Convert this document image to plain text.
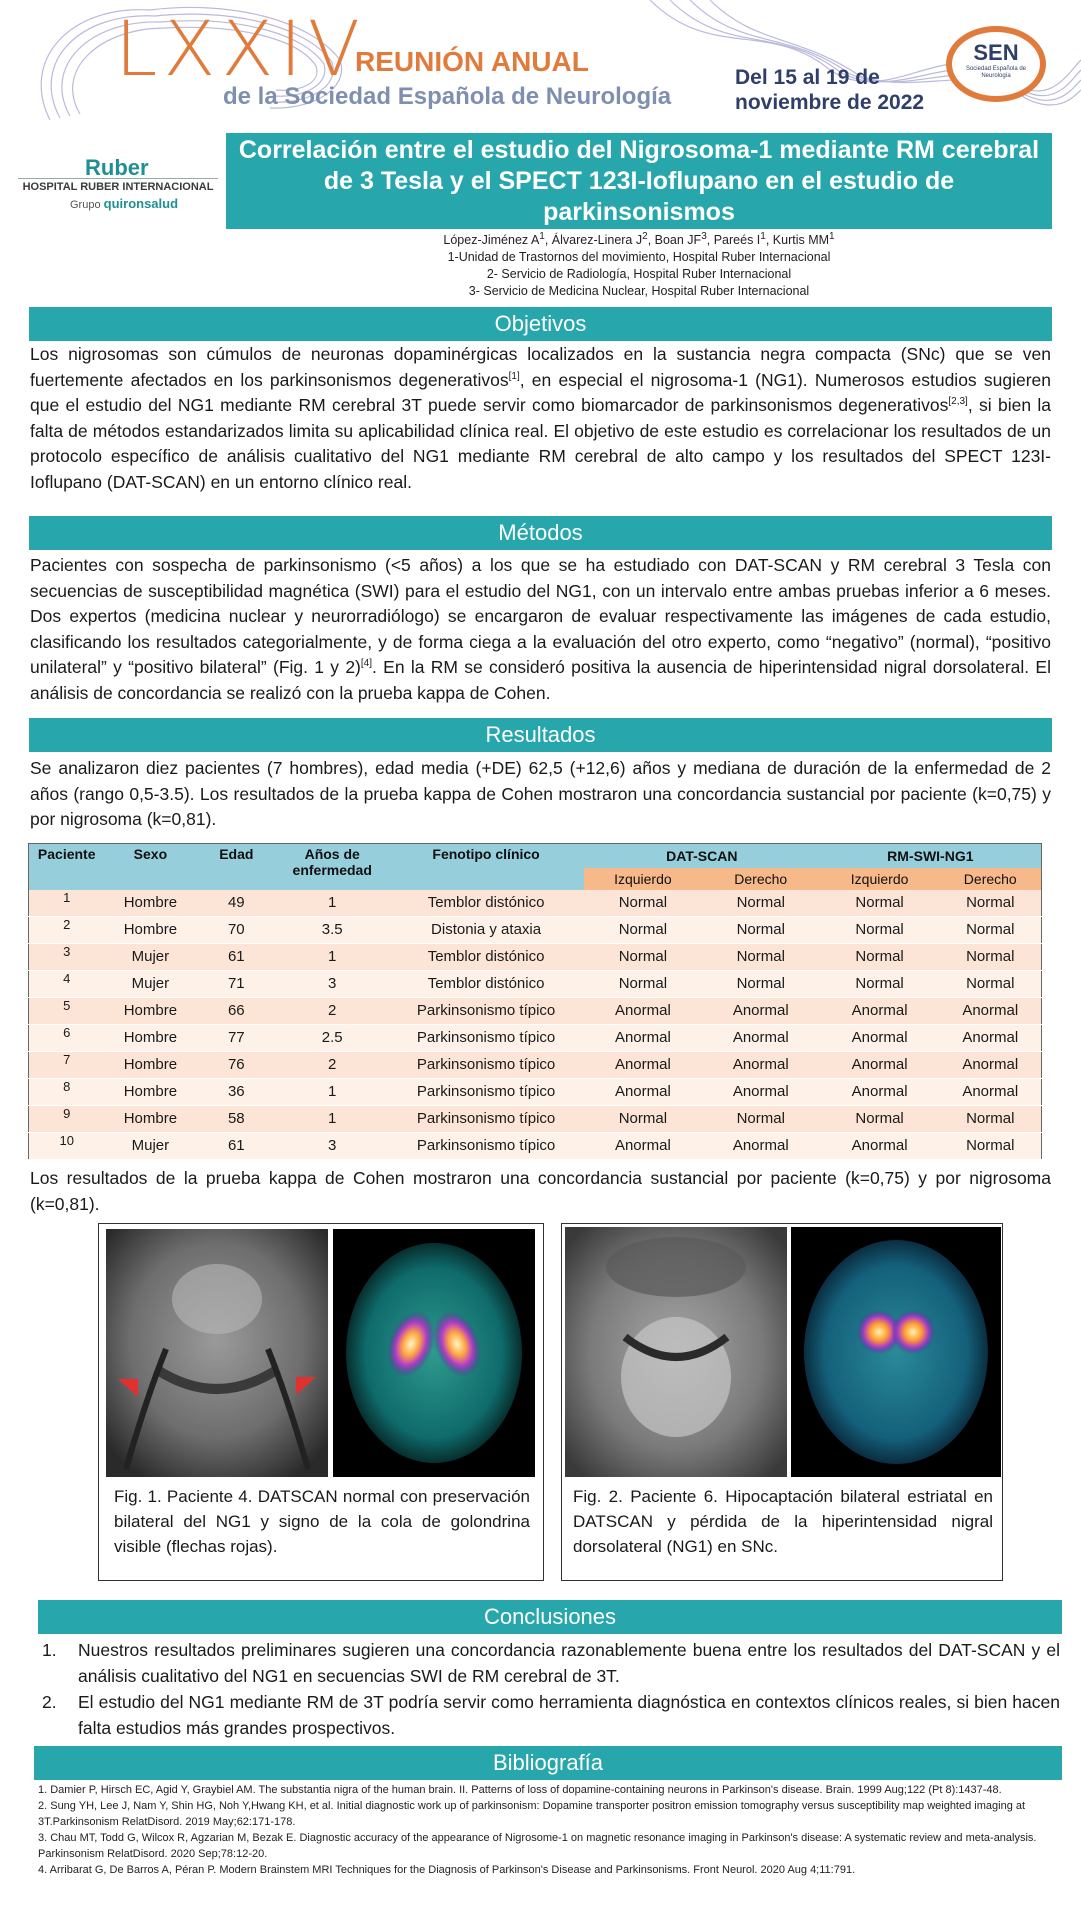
LXXIV
REUNIÓN ANUAL
de la Sociedad Española de Neurología
Del 15 al 19 de
noviembre de 2022
SEN
Sociedad Española de Neurología
Ruber
HOSPITAL RUBER INTERNACIONAL
Grupo quironsalud
Correlación entre el estudio del Nigrosoma-1 mediante RM cerebral de 3 Tesla y el SPECT 123I-Ioflupano en el estudio de parkinsonismos
López-Jiménez $A^1$, Álvarez-Linera $J^2$, Boan $JF^3$, Pareés $I^1$, Kurtis $MM^1$
1-Unidad de Trastornos del movimiento, Hospital Ruber Internacional
2- Servicio de Radiología, Hospital Ruber Internacional
3- Servicio de Medicina Nuclear, Hospital Ruber Internacional
Objetivos
Los nigrosomas son cúmulos de neuronas dopaminérgicas localizados en la sustancia negra compacta (SNc) que se ven fuertemente afectados en los parkinsonismos degenerativos[1], en especial el nigrosoma-1 (NG1). Numerosos estudios sugieren que el estudio del NG1 mediante RM cerebral 3T puede servir como biomarcador de parkinsonismos degenerativos[2,3], si bien la falta de métodos estandarizados limita su aplicabilidad clínica real. El objetivo de este estudio es correlacionar los resultados de un protocolo específico de análisis cualitativo del NG1 mediante RM cerebral de alto campo y los resultados del SPECT 123I-Ioflupano (DAT-SCAN) en un entorno clínico real.
Métodos
Pacientes con sospecha de parkinsonismo (<5 años) a los que se ha estudiado con DAT-SCAN y RM cerebral 3 Tesla con secuencias de susceptibilidad magnética (SWI) para el estudio del NG1, con un intervalo entre ambas pruebas inferior a 6 meses. Dos expertos (medicina nuclear y neurorradiólogo) se encargaron de evaluar respectivamente las imágenes de cada estudio, clasificando los resultados categorialmente, y de forma ciega a la evaluación del otro experto, como “negativo” (normal), “positivo unilateral” y “positivo bilateral” (Fig. 1 y 2)[4]. En la RM se consideró positiva la ausencia de hiperintensidad nigral dorsolateral. El análisis de concordancia se realizó con la prueba kappa de Cohen.
Resultados
Se analizaron diez pacientes (7 hombres), edad media (+DE) 62,5 (+12,6) años y mediana de duración de la enfermedad de 2 años (rango 0,5-3.5). Los resultados de la prueba kappa de Cohen mostraron una concordancia sustancial por paciente (k=0,75) y por nigrosoma (k=0,81).
Paciente	Sexo	Edad	Años de enfermedad	Fenotipo clínico	DAT-SCAN		RM-SWI-NG1	
					Izquierdo	Derecho	Izquierdo	Derecho
1	Hombre	49	1	Temblor distónico	Normal	Normal	Normal	Normal
2	Hombre	70	3.5	Distonia y ataxia	Normal	Normal	Normal	Normal
3	Mujer	61	1	Temblor distónico	Normal	Normal	Normal	Normal
4	Mujer	71	3	Temblor distónico	Normal	Normal	Normal	Normal
5	Hombre	66	2	Parkinsonismo típico	Anormal	Anormal	Anormal	Anormal
6	Hombre	77	2.5	Parkinsonismo típico	Anormal	Anormal	Anormal	Anormal
7	Hombre	76	2	Parkinsonismo típico	Anormal	Anormal	Anormal	Anormal
8	Hombre	36	1	Parkinsonismo típico	Anormal	Anormal	Anormal	Anormal
9	Hombre	58	1	Parkinsonismo típico	Normal	Normal	Normal	Normal
10	Mujer	61	3	Parkinsonismo típico	Anormal	Anormal	Anormal	Normal
Los resultados de la prueba kappa de Cohen mostraron una concordancia sustancial por paciente (k=0,75) y por nigrosoma (k=0,81).
Fig. 1. Paciente 4. DATSCAN normal con preservación bilateral del NG1 y signo de la cola de golondrina visible (flechas rojas).
Fig. 2. Paciente 6. Hipocaptación bilateral estriatal en DATSCAN y pérdida de la hiperintensidad nigral dorsolateral (NG1) en SNc.
Conclusiones
1. Nuestros resultados preliminares sugieren una concordancia razonablemente buena entre los resultados del DAT-SCAN y el análisis cualitativo del NG1 en secuencias SWI de RM cerebral de 3T.
2. El estudio del NG1 mediante RM de 3T podría servir como herramienta diagnóstica en contextos clínicos reales, si bien hacen falta estudios más grandes prospectivos.
Bibliografía
1. Damier P, Hirsch EC, Agid Y, Graybiel AM. The substantia nigra of the human brain. II. Patterns of loss of dopamine-containing neurons in Parkinson's disease. Brain. 1999 Aug;122 (Pt 8):1437-48.
2. Sung YH, Lee J, Nam Y, Shin HG, Noh Y,Hwang KH, et al. Initial diagnostic work up of parkinsonism: Dopamine transporter positron emission tomography versus susceptibility map weighted imaging at 3T.Parkinsonism RelatDisord. 2019 May;62:171-178.
3. Chau MT, Todd G, Wilcox R, Agzarian M, Bezak E. Diagnostic accuracy of the appearance of Nigrosome-1 on magnetic resonance imaging in Parkinson's disease: A systematic review and meta-analysis. Parkinsonism RelatDisord. 2020 Sep;78:12-20.
4. Arribarat G, De Barros A, Péran P. Modern Brainstem MRI Techniques for the Diagnosis of Parkinson's Disease and Parkinsonisms. Front Neurol. 2020 Aug 4;11:791.
